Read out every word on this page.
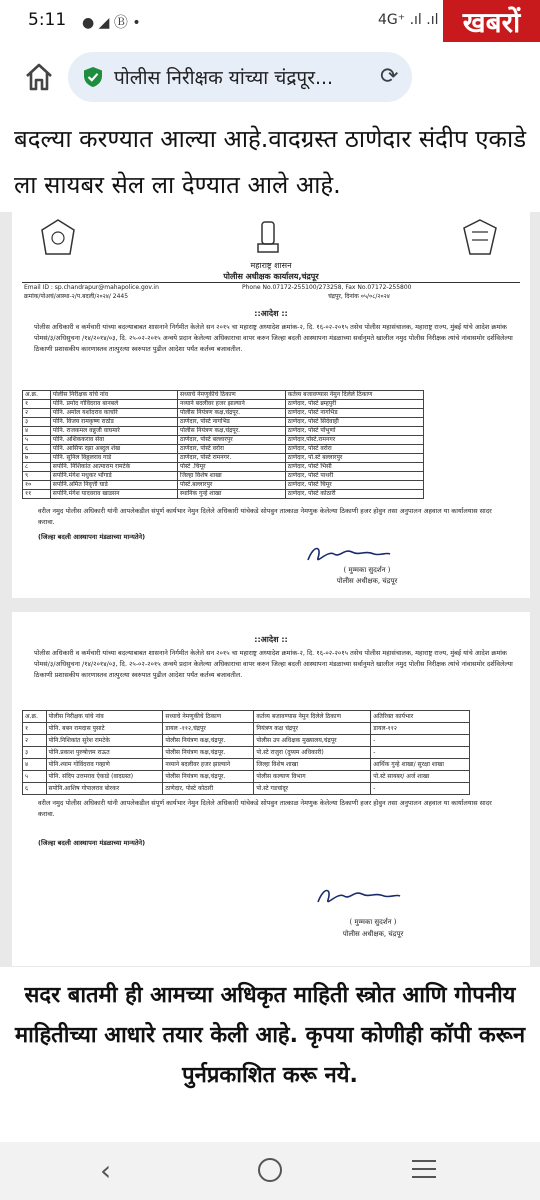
5:11 ● ◢ Ⓑ •	4G⁺ .ıl .ıl खबरों
पोलीस निरीक्षक यांच्या चंद्रपूर...	⟳
बदल्या करण्यात आल्या आहे.वादग्रस्त ठाणेदार संदीप एकाडे ला सायबर सेल ला देण्यात आले आहे.
महाराष्ट्र शासन
पोलीस अधीक्षक कार्यालय,चंद्रपूर
Email ID : sp.chandrapur@mahapolice.gov.in	Phone No.07172-255100/273258, Fax No.07172-255800
क्रमांक/पोअचं/आस्था-२/प.बदली/२०२४/ 2445	चंद्रपूर, दिनांक ०५/०८/२०२४
::आदेश ::
पोलीस अधिकारी व कर्मचारी यांच्या बदल्याबाबत शासनाने निर्गमीत केलेले सन २०१५ चा महाराष्ट्र अध्यादेश क्रमांक-२, दि. १६-०२-२०१५ तसेच पोलीस महासंचालक, महाराष्ट्र राज्य, मुंबई यांचे आदेश क्रमांक पोमसं/३/अधिसुचना /१४/२०१४/०३, दि. २५-०२-२०१५ अन्वये प्रदान केलेल्या अधिकाराचा वापर करुन जिल्हा बदली आस्थापना मंडळाच्या सर्वानुमते खालील नमुद पोलीस निरीक्षक त्यांचे नांवासमोर दर्शविलेल्या ठिकाणी प्रशासकीय कारणास्तव तात्पुरत्या स्वरुपात पुढील आदेशा पर्यंत कर्तव्य बजावतील.
अ.क्र.	पोलीस निरीक्षक यांचे नांव	सध्याचे नेमणुकीचे ठिकाण	कर्तव्य बजावण्यास नेमुन दिलेले ठिकाण
१	पोनि. प्रमोद गोविंदराव बानबले	नव्याने बदलीवर हजर झाल्याने	ठाणेदार, पोस्टे ब्रम्हपुरी
२	पोनि. अमोल यशोदराव काचोरे	पोलीस नियंत्रण कक्ष,चंद्रपूर.	ठाणेदार, पोस्टे नागभिड
३	पोनि. विजय रामकृष्ण राठोड	ठाणेदार, पोस्टे नागभिड	ठाणेदार, पोस्टे सिंदेवाही
४	पोनि. राजकमल वन्नुजी वाघमारे	पोलीस नियंत्रण कक्ष,चंद्रपूर.	ठाणेदार, पोस्टे पोंभुर्णा
५	पोनि. अशिककराव सेवा	ठाणेदार, पोस्टे बल्लारपुर	ठाणेदार,पोस्टे.रामनगर
६	पोनि. आसिफ रझा अब्दुल शेख	ठाणेदार, पोस्टे वरोरा	ठाणेदार, पोस्टे वरोरा
७	पोनि. सुनिल विठ्ठलराव गाडे	ठाणेदार, पोस्टे रामनगर.	ठाणेदार, पो.स्टे बल्लारपुर
८	सपोनि. निशिकांत आत्माराम रामटेके	पोस्टे .चिमूर	ठाणेदार, पोस्टे भिसी
९	सपोनि.मंगेश मधुकर भोंगाडे	जिल्हा विशेष शाखा	ठाणेदार, पोस्टे पाथरी
१०	सपोनि.अमित निवृत्ती घाडे	पोस्टे.बल्लारपुर	ठाणेदार, पोस्टे चिमूर
११	सपोनि.मंगेश यादवराव खाडसन	स्थानिक गुन्हे शाखा	ठाणेदार, पोस्टे कोठारी
वरील नमुद पोलीस अधिकारी यांनी आपलेकडील संपूर्ण कार्यभार नेमुन दिलेले अधिकारी यांचेकडे सोपवुन तात्काळ नेमणुक केलेल्या ठिकाणी हजर होवुन तसा अनुपालन अहवाल या कार्यालयास सादर करावा.
(जिल्हा बदली आस्थापना मंडळाच्या मान्यतेने)
( मुम्मका सुदर्शन )
पोलीस अधीक्षक, चंद्रपूर
::आदेश ::
पोलीस अधिकारी व कर्मचारी यांच्या बदल्याबाबत शासनाने निर्गमीत केलेले सन २०१५ चा महाराष्ट्र अध्यादेश क्रमांक-२, दि. १६-०२-२०१५ तसेच पोलीस महासंचालक, महाराष्ट्र राज्य, मुंबई यांचे आदेश क्रमांक पोमसं/३/अधिसुचना /१४/२०१४/०३, दि. २५-०२-२०१५ अन्वये प्रदान केलेल्या अधिकाराचा वापर करुन जिल्हा बदली आस्थापना मंडळाच्या सर्वानुमते खालील नमुद पोलीस निरीक्षक त्यांचे नांवासमोर दर्शविलेल्या ठिकाणी प्रशासकीय कारणास्तव तात्पुरत्या स्वरुपात पुढील आदेशा पर्यंत कर्तव्य बजावतील.
अ.क्र.	पोलीस निरीक्षक यांचे नांव	सध्याचे नेमणुकीचे ठिकाण	कर्तव्य बजावण्यास नेमुन दिलेले ठिकाण	अतिरिक्त कार्यभार
१	पोनि. बबन रामदास पुसाटे	डायल -११२,चंद्रपूर	नियंत्रण कक्ष चंद्रपूर	डायल-११२
२	पोनि.निशिकांत सुरेश रामटेके	पोलीस नियंत्रण कक्ष,चंद्रपूर.	पोलीस उप अधिक्षक मुख्यालय,चंद्रपूर	-
३	पोनि.प्रकाश पुरुषोत्तम राऊत	पोलीस नियंत्रण कक्ष,चंद्रपूर.	पो.स्टे राजुरा (दुय्यम अधिकारी)	-
४	पोनि.श्याम गोविंदराव गव्हाणे	नव्याने बदलीवर हजर झाल्याने	जिल्हा विशेष शाखा	आर्थिक गुन्हे शाखा/ सुरक्षा शाखा
५	पोनि. संदिप उत्तमराव ऐकाडे (वादग्रस्त)	पोलीस नियंत्रण कक्ष,चंद्रपूर.	पोलीस कल्याण विभाग	पो.स्टे सायबर/ अर्ज शाखा
६	सपोनि.आशिष गोपालराव बोरकर	ठाणेदार, पोस्टे कोठारी	पो.स्टे गडचांदूर	-
वरील नमुद पोलीस अधिकारी यांनी आपलेकडील संपूर्ण कार्यभार नेमुन दिलेले अधिकारी यांचेकडे सोपवुन तात्काळ नेमणुक केलेल्या ठिकाणी हजर होवुन तसा अनुपालन अहवाल या कार्यालयास सादर करावा.
(जिल्हा बदली आस्थापना मंडळाच्या मान्यतेने)
( मुम्मका सुदर्शन )
पोलीस अधीक्षक, चंद्रपूर
सदर बातमी ही आमच्या अधिकृत माहिती स्त्रोत आणि गोपनीय माहितीच्या आधारे तयार केली आहे. कृपया कोणीही कॉपी करून पुर्नप्रकाशित करू नये.
‹
